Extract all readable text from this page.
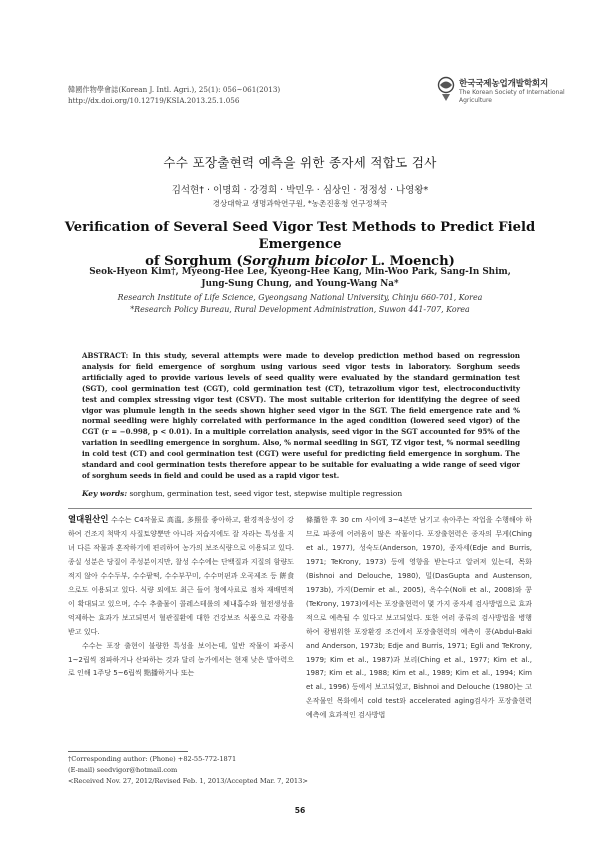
韓國作物學會誌(Korean J. Intl. Agri.), 25(1): 056~061(2013)
http://dx.doi.org/10.12719/KSIA.2013.25.1.056
한국국제농업개발학회지
The Korean Society of International Agriculture
수수 포장출현력 예측을 위한 종자세 적합도 검사
김석현† · 이명희 · 강경희 · 박민우 · 심상인 · 정정성 · 나영왕*
경상대학교 생명과학연구원, *농촌진흥청 연구정책국
Verification of Several Seed Vigor Test Methods to Predict Field Emergence
of Sorghum (Sorghum bicolor L. Moench)
Seok-Hyeon Kim†, Myeong-Hee Lee, Kyeong-Hee Kang, Min-Woo Park, Sang-In Shim,
Jung-Sung Chung, and Young-Wang Na*
Research Institute of Life Science, Gyeongsang National University, Chinju 660-701, Korea
*Research Policy Bureau, Rural Development Administration, Suwon 441-707, Korea
ABSTRACT: In this study, several attempts were made to develop prediction method based on regression analysis for field emergence of sorghum using various seed vigor tests in laboratory. Sorghum seeds artificially aged to provide various levels of seed quality were evaluated by the standard germination test (SGT), cool germination test (CGT), cold germination test (CT), tetrazolium vigor test, electroconductivity test and complex stressing vigor test (CSVT). The most suitable criterion for identifying the degree of seed vigor was plumule length in the seeds shown higher seed vigor in the SGT. The field emergence rate and % normal seedling were highly correlated with performance in the aged condition (lowered seed vigor) of the CGT (r = −0.998, p < 0.01). In a multiple correlation analysis, seed vigor in the SGT accounted for 95% of the variation in seedling emergence in sorghum. Also, % normal seedling in SGT, TZ vigor test, % normal seedling in cold test (CT) and cool germination test (CGT) were useful for predicting field emergence in sorghum. The standard and cool germination tests therefore appear to be suitable for evaluating a wide range of seed vigor of sorghum seeds in field and could be used as a rapid vigor test.
Key words: sorghum, germination test, seed vigor test, stepwise multiple regression

열대원산인 수수는 C4작물로 高溫, 多照를 좋아하고, 환경적응성이 강하여 건조지 척박지 사질토양뿐만 아니라 저습지에도 잘 자라는 특성을 지녀 다른 작물과 혼작하기에 편리하여 농가의 보조식량으로 이용되고 있다. 종실 성분은 당질이 주성분이지만, 찰성 수수에는 단백질과 지질의 함량도 적지 않아 수수두부, 수수팥떡, 수수부꾸미, 수수머핀과 오곡제조 등 餠食으로도 이용되고 있다. 식량 외에도 최근 들어 청예사료로 점차 재배면적이 확대되고 있으며, 수수 추출물이 콜레스테롤의 체내흡수와 혈전생성을 억제하는 효과가 보고되면서 혈관질환에 대한 건강보조 식품으로 각광을 받고 있다.

수수는 포장 출현이 불량한 특성을 보이는데, 일반 작물이 파종시 1~2립씩 점파하거나 산파하는 것과 달리 농가에서는 현재 낮은 발아력으로 인해 1주당 5~6립씩 點播하거나 또는

條播한 후 30 cm 사이에 3~4본만 남기고 솎아주는 작업을 수행해야 하므로 파종에 어려움이 많은 작물이다. 포장출현력은 종자의 무게(Ching et al., 1977), 성숙도(Anderson, 1970), 종자세(Edje and Burris, 1971; TeKrony, 1973) 등에 영향을 받는다고 알려져 있는데, 목화(Bishnoi and Delouche, 1980), 밀(DasGupta and Austenson, 1973b), 가지(Demir et al., 2005), 옥수수(Noli et al., 2008)와 콩(TeKrony, 1973)에서는 포장출현력이 몇 가지 종자세 검사방법으로 효과적으로 예측될 수 있다고 보고되었다. 또한 여러 종류의 검사방법을 병행하여 광범위한 포장환경 조건에서 포장출현력의 예측이 콩(Abdul-Baki and Anderson, 1973b; Edje and Burris, 1971; Egli and TeKrony, 1979; Kim et al., 1987)과 보리(Ching et al., 1977; Kim et al., 1987; Kim et al., 1988; Kim et al., 1989; Kim et al., 1994; Kim et al., 1996) 등에서 보고되었고, Bishnoi and Delouche (1980)는 고온작물인 목화에서 cold test와 accelerated aging검사가 포장출현력 예측에 효과적인 검사방법

†Corresponding author: (Phone) +82-55-772-1871
(E-mail) seedvigor@hotmail.com
<Received Nov. 27, 2012/Revised Feb. 1, 2013/Accepted Mar. 7, 2013>
56
